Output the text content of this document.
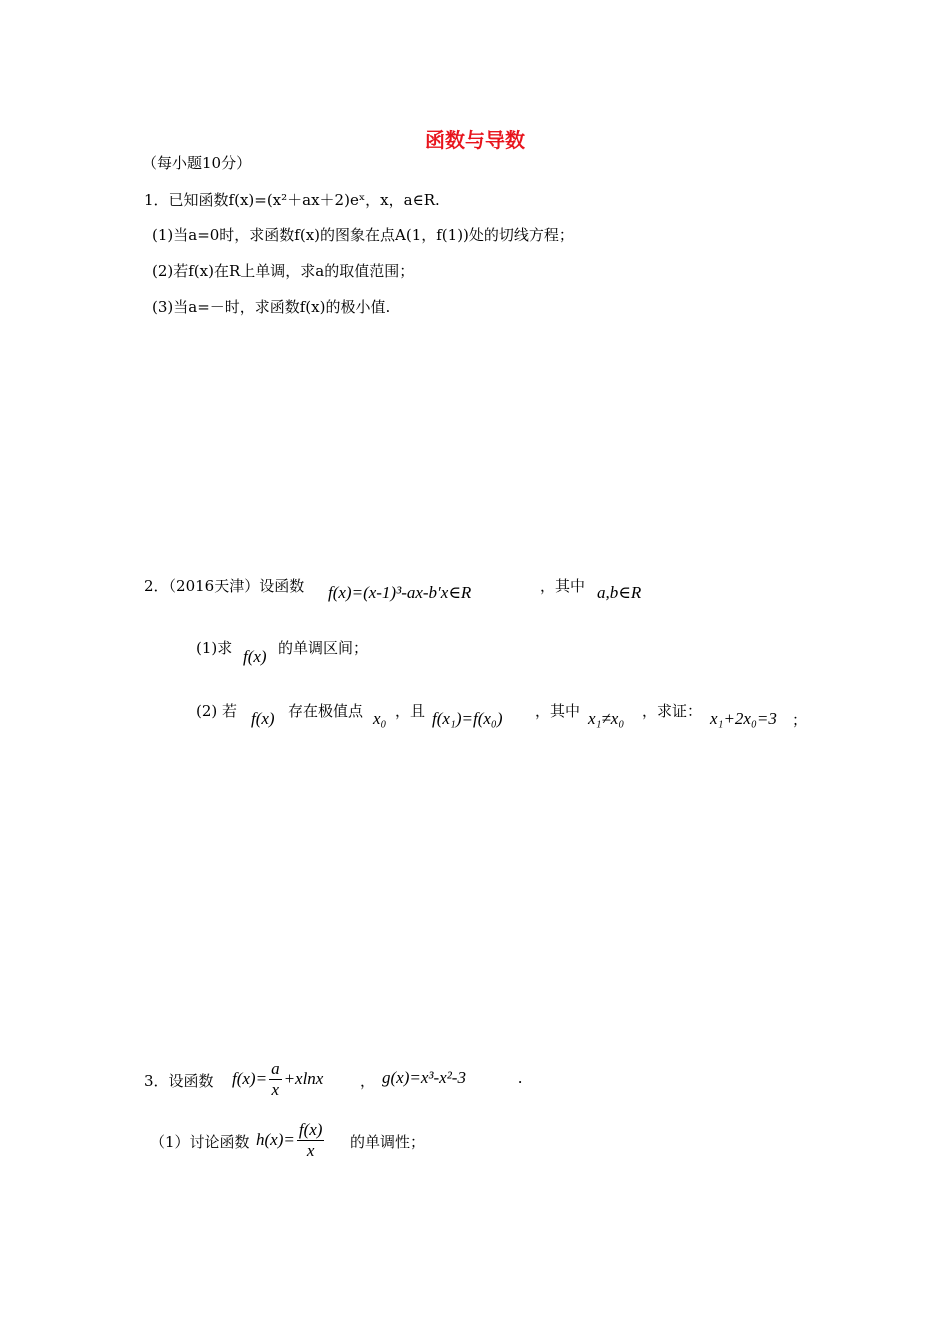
函数与导数
（每小题10分）
1．已知函数f(x)=(x²＋ax＋2)eˣ，x，a∈R.
(1)当a=0时，求函数f(x)的图象在点A(1，f(1))处的切线方程；
(2)若f(x)在R上单调，求a的取值范围；
(3)当a=－时，求函数f(x)的极小值.
2．（2016天津）设函数 f(x)=(x-1)³-ax-b′x∈R	，其中 a,b∈R
(1)求 f(x) 的单调区间；
(2) 若 f(x) 存在极值点 x₀ ，且 f(x₁)=f(x₀) ，其中 x₁≠x₀ ，求证： x₁+2x₀=3 ；
3．设函数 $f(x)= \frac{a}{x} +xlnx$ ， g(x)=x³-x²-3	.
（1）讨论函数 $h(x)= \frac{f(x)}{x}$ 的单调性；
